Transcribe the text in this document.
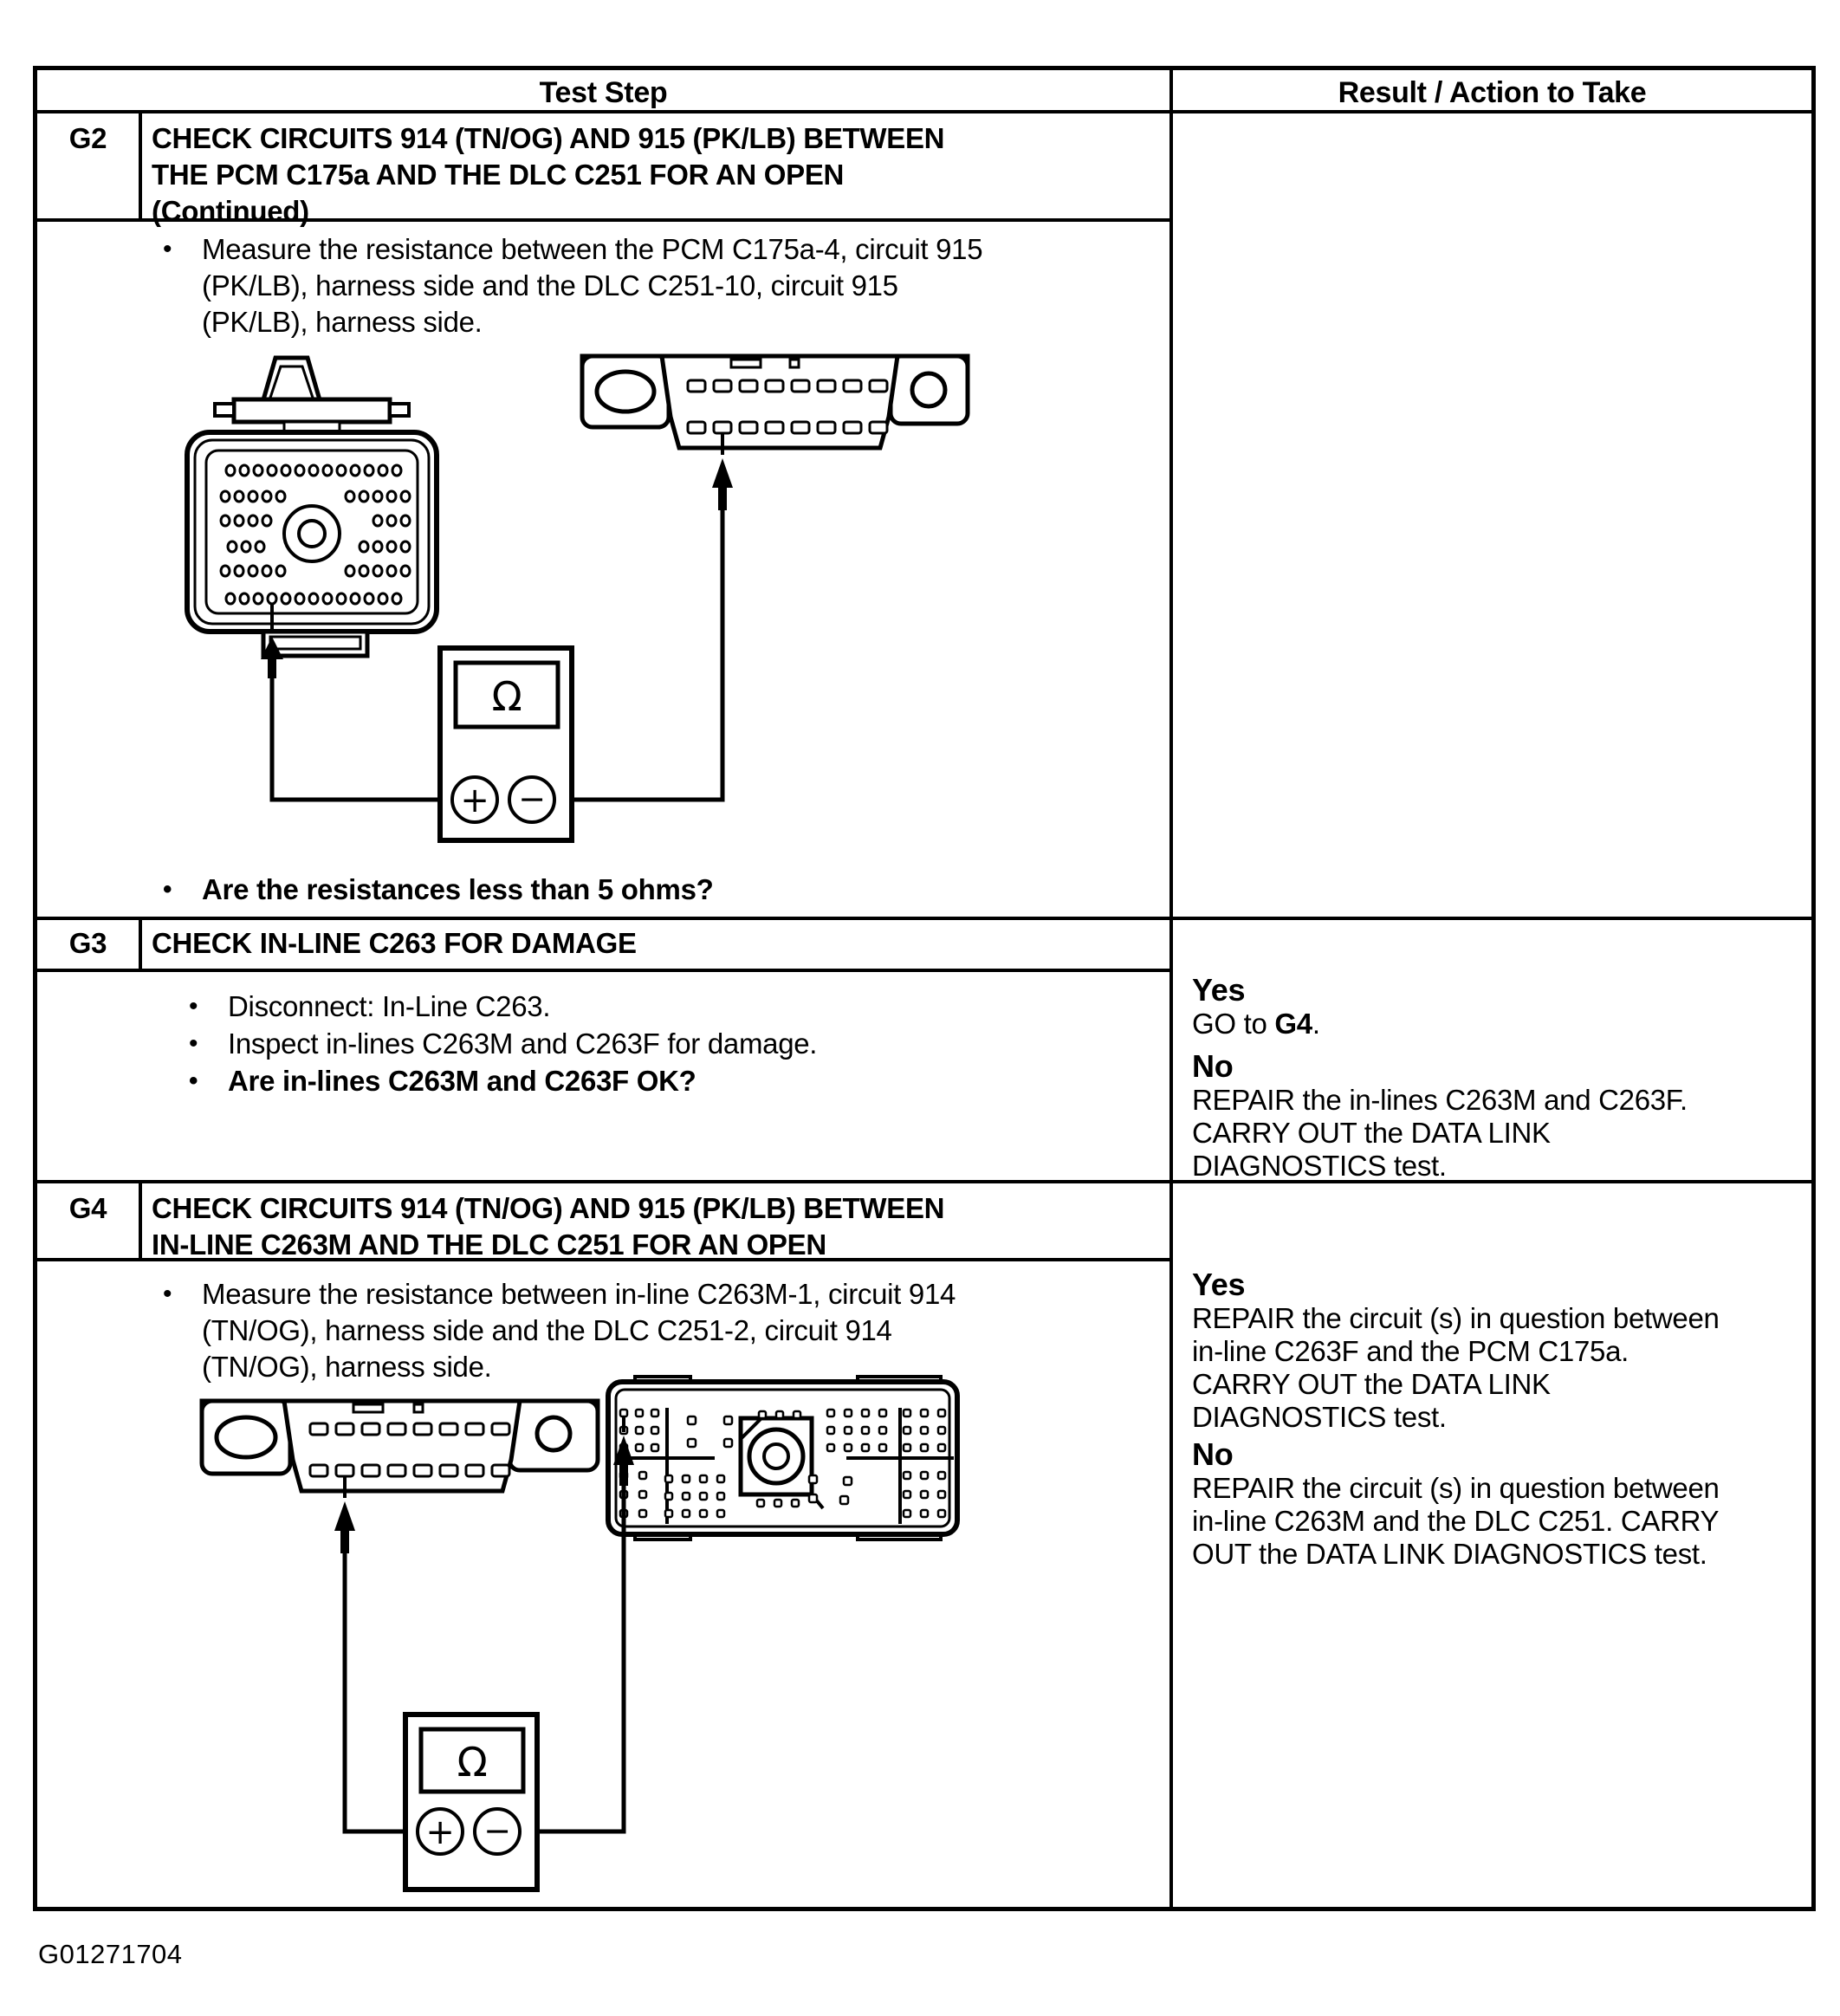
Test Step	Result / Action to Take
G2	CHECK CIRCUITS 914 (TN/OG) AND 915 (PK/LB) BETWEEN
THE PCM C175a AND THE DLC C251 FOR AN OPEN
(Continued)
• Measure the resistance between the PCM C175a-4, circuit 915
(PK/LB), harness side and the DLC C251-10, circuit 915
(PK/LB), harness side.
Ω
+ −
• Are the resistances less than 5 ohms?
G3	CHECK IN-LINE C263 FOR DAMAGE
• Disconnect: In-Line C263.
• Inspect in-lines C263M and C263F for damage.
• Are in-lines C263M and C263F OK?
Yes
GO to G4.
No
REPAIR the in-lines C263M and C263F.
CARRY OUT the DATA LINK
DIAGNOSTICS test.
G4	CHECK CIRCUITS 914 (TN/OG) AND 915 (PK/LB) BETWEEN
IN-LINE C263M AND THE DLC C251 FOR AN OPEN
• Measure the resistance between in-line C263M-1, circuit 914
(TN/OG), harness side and the DLC C251-2, circuit 914
(TN/OG), harness side.
Ω
+ −
Yes
REPAIR the circuit (s) in question between
in-line C263F and the PCM C175a.
CARRY OUT the DATA LINK
DIAGNOSTICS test.
No
REPAIR the circuit (s) in question between
in-line C263M and the DLC C251. CARRY
OUT the DATA LINK DIAGNOSTICS test.
G01271704
